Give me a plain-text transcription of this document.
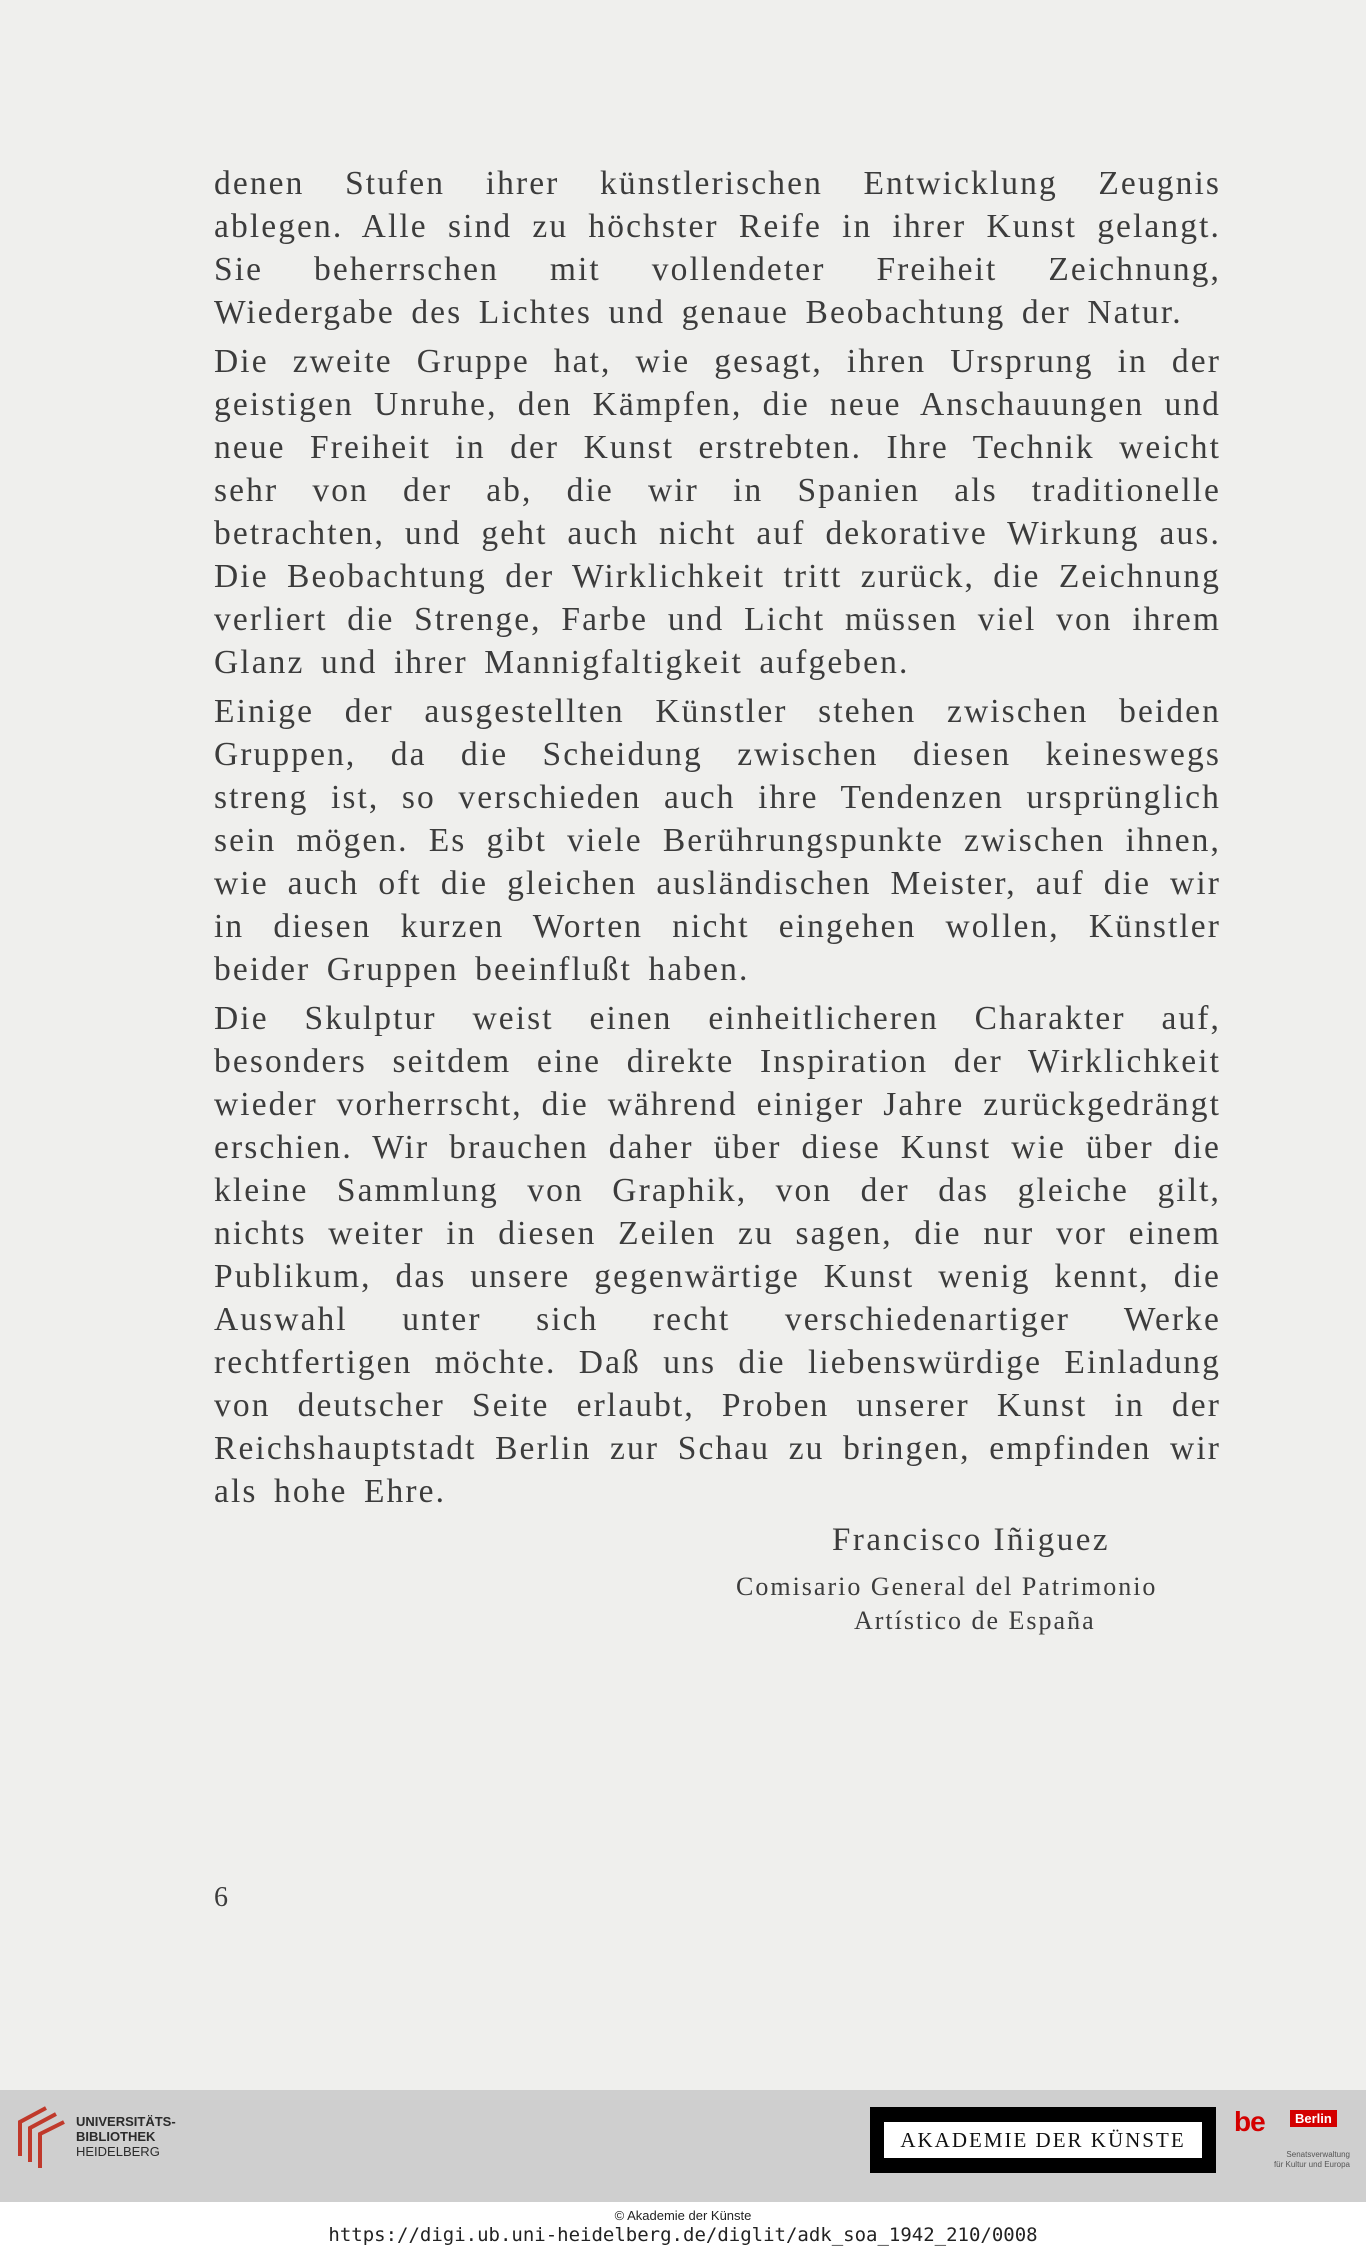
denen Stufen ihrer künstlerischen Entwicklung Zeugnis ablegen. Alle sind zu höchster Reife in ihrer Kunst gelangt. Sie beherrschen mit vollendeter Freiheit Zeichnung, Wiedergabe des Lichtes und genaue Beobachtung der Natur.

Die zweite Gruppe hat, wie gesagt, ihren Ursprung in der geistigen Unruhe, den Kämpfen, die neue Anschauungen und neue Freiheit in der Kunst erstrebten. Ihre Technik weicht sehr von der ab, die wir in Spanien als traditionelle betrachten, und geht auch nicht auf dekorative Wirkung aus. Die Beobachtung der Wirklichkeit tritt zurück, die Zeichnung verliert die Strenge, Farbe und Licht müssen viel von ihrem Glanz und ihrer Mannigfaltigkeit aufgeben.

Einige der ausgestellten Künstler stehen zwischen beiden Gruppen, da die Scheidung zwischen diesen keineswegs streng ist, so verschieden auch ihre Tendenzen ursprünglich sein mögen. Es gibt viele Berührungspunkte zwischen ihnen, wie auch oft die gleichen ausländischen Meister, auf die wir in diesen kurzen Worten nicht eingehen wollen, Künstler beider Gruppen beeinflußt haben.

Die Skulptur weist einen einheitlicheren Charakter auf, besonders seitdem eine direkte Inspiration der Wirklichkeit wieder vorherrscht, die während einiger Jahre zurückgedrängt erschien. Wir brauchen daher über diese Kunst wie über die kleine Sammlung von Graphik, von der das gleiche gilt, nichts weiter in diesen Zeilen zu sagen, die nur vor einem Publikum, das unsere gegenwärtige Kunst wenig kennt, die Auswahl unter sich recht verschiedenartiger Werke rechtfertigen möchte. Daß uns die liebenswürdige Einladung von deutscher Seite erlaubt, Proben unserer Kunst in der Reichshauptstadt Berlin zur Schau zu bringen, empfinden wir als hohe Ehre.

Francisco Iñiguez
Comisario General del Patrimonio
Artístico de España
6
UNIVERSITÄTS-
BIBLIOTHEK
HEIDELBERG	AKADEMIE DER KÜNSTE
be	Berlin
Senatsverwaltung
für Kultur und Europa
© Akademie der Künste
https://digi.ub.uni-heidelberg.de/diglit/adk_soa_1942_210/0008
